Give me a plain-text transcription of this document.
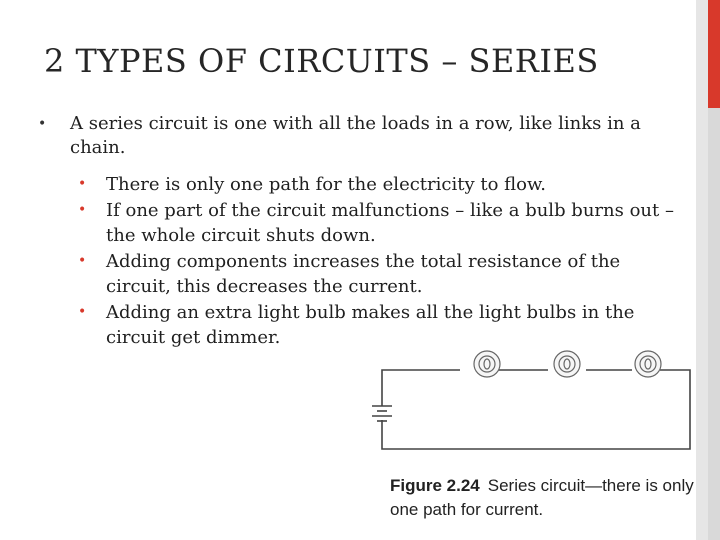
2 TYPES OF CIRCUITS – SERIES
• A series circuit is one with all the loads in a row, like links in a chain.
• There is only one path for the electricity to flow.
• If one part of the circuit malfunctions – like a bulb burns out – the whole circuit shuts down.
• Adding components increases the total resistance of the circuit, this decreases the current.
• Adding an extra light bulb makes all the light bulbs in the circuit get dimmer.
Figure 2.24 Series circuit—there is only one path for current.
